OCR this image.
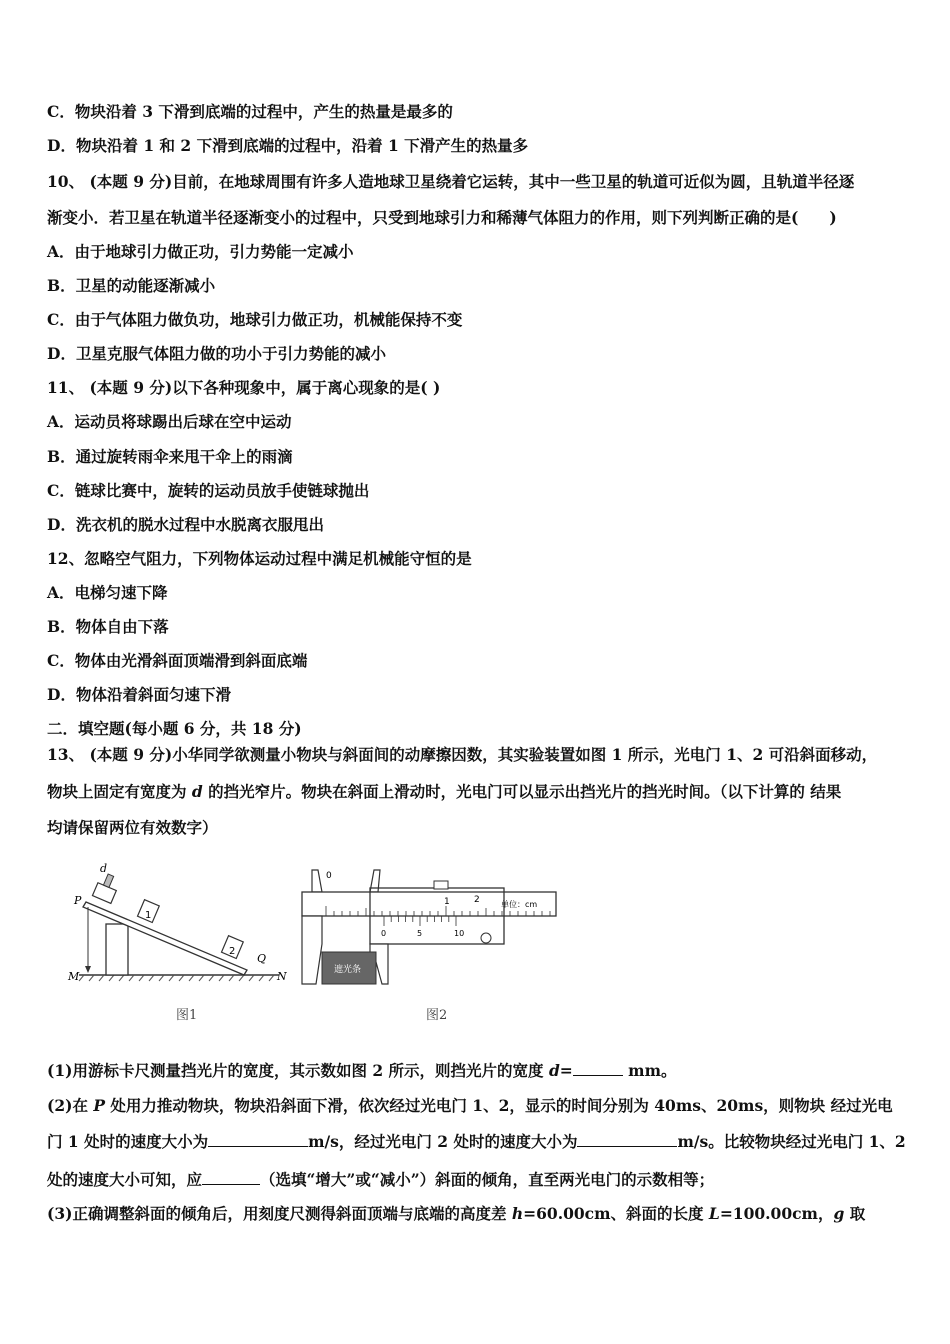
C．物块沿着 3 下滑到底端的过程中，产生的热量是最多的
D．物块沿着 1 和 2 下滑到底端的过程中，沿着 1 下滑产生的热量多
10、 (本题 9 分)目前，在地球周围有许多人造地球卫星绕着它运转，其中一些卫星的轨道可近似为圆，且轨道半径逐
渐变小．若卫星在轨道半径逐渐变小的过程中，只受到地球引力和稀薄气体阻力的作用，则下列判断正确的是(　　)
A．由于地球引力做正功，引力势能一定减小
B．卫星的动能逐渐减小
C．由于气体阻力做负功，地球引力做正功，机械能保持不变
D．卫星克服气体阻力做的功小于引力势能的减小
11、 (本题 9 分)以下各种现象中，属于离心现象的是( )
A．运动员将球踢出后球在空中运动
B．通过旋转雨伞来甩干伞上的雨滴
C．链球比赛中，旋转的运动员放手使链球抛出
D．洗衣机的脱水过程中水脱离衣服甩出
12、忽略空气阻力，下列物体运动过程中满足机械能守恒的是
A．电梯匀速下降
B．物体自由下落
C．物体由光滑斜面顶端滑到斜面底端
D．物体沿着斜面匀速下滑
二．填空题(每小题 6 分，共 18 分)
13、 (本题 9 分)小华同学欲测量小物块与斜面间的动摩擦因数，其实验装置如图 1 所示，光电门 1、2 可沿斜面移动，
物块上固定有宽度为 d 的挡光窄片。物块在斜面上滑动时，光电门可以显示出挡光片的挡光时间。（以下计算的 结果
均请保留两位有效数字）
d
P
M	N
Q
1
2
图1
0
1	2	单位：cm
0	5	10
遮光条
图2
(1)用游标卡尺测量挡光片的宽度，其示数如图 2 所示，则挡光片的宽度 d=	mm。
(2)在 P 处用力推动物块，物块沿斜面下滑，依次经过光电门 1、2，显示的时间分别为 40ms、20ms，则物块 经过光电
门 1 处时的速度大小为	m/s，经过光电门 2 处时的速度大小为	m/s。比较物块经过光电门 1、2
处的速度大小可知，应	（选填“增大”或“减小”）斜面的倾角，直至两光电门的示数相等；
(3)正确调整斜面的倾角后，用刻度尺测得斜面顶端与底端的高度差 h=60.00cm、斜面的长度 L=100.00cm，g 取
